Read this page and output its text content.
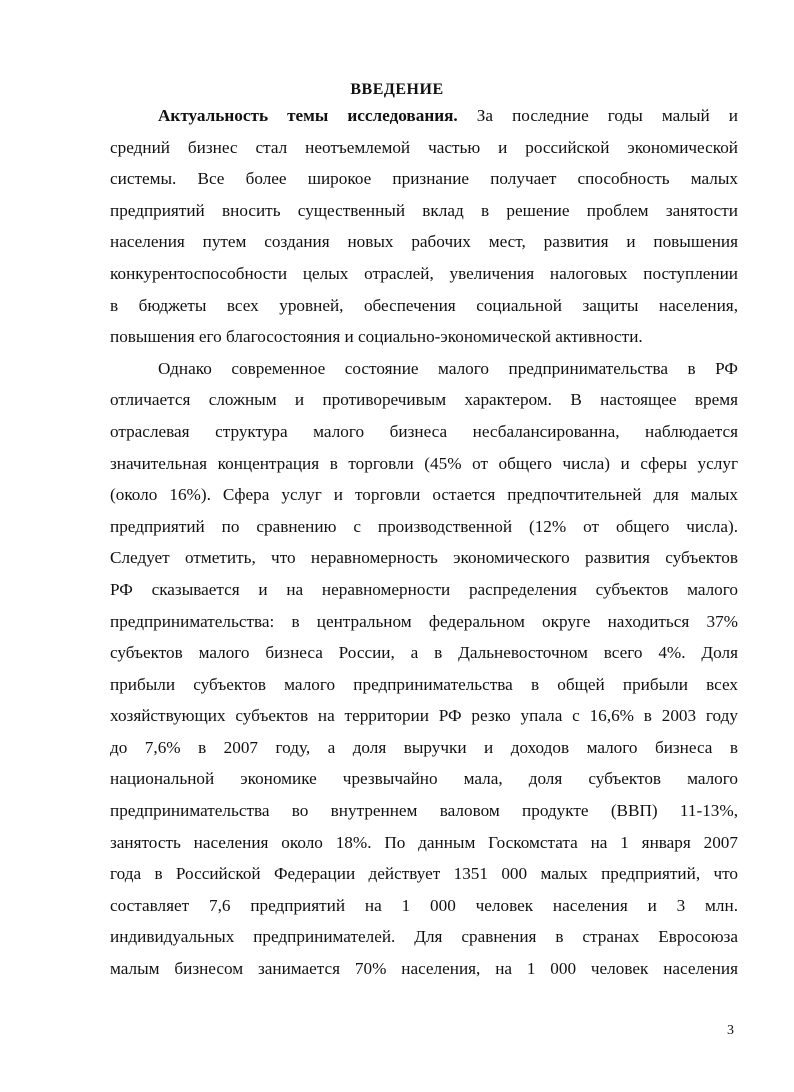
ВВЕДЕНИЕ
Актуальность темы исследования. За последние годы малый и
средний бизнес стал неотъемлемой частью и российской экономической
системы. Все более широкое признание получает способность малых
предприятий вносить существенный вклад в решение проблем занятости
населения путем создания новых рабочих мест, развития и повышения
конкурентоспособности целых отраслей, увеличения налоговых поступлении
в бюджеты всех уровней, обеспечения социальной защиты населения,
повышения его благосостояния и социально-экономической активности.
Однако современное состояние малого предпринимательства в РФ
отличается сложным и противоречивым характером. В настоящее время
отраслевая структура малого бизнеса несбалансированна, наблюдается
значительная концентрация в торговли (45% от общего числа) и сферы услуг
(около 16%). Сфера услуг и торговли остается предпочтительней для малых
предприятий по сравнению с производственной (12% от общего числа).
Следует отметить, что неравномерность экономического развития субъектов
РФ сказывается и на неравномерности распределения субъектов малого
предпринимательства: в центральном федеральном округе находиться 37%
субъектов малого бизнеса России, а в Дальневосточном всего 4%. Доля
прибыли субъектов малого предпринимательства в общей прибыли всех
хозяйствующих субъектов на территории РФ резко упала с 16,6% в 2003 году
до 7,6% в 2007 году, а доля выручки и доходов малого бизнеса в
национальной экономике чрезвычайно мала, доля субъектов малого
предпринимательства во внутреннем валовом продукте (ВВП) 11-13%,
занятость населения около 18%. По данным Госкомстата на 1 января 2007
года в Российской Федерации действует 1351 000 малых предприятий, что
составляет 7,6 предприятий на 1 000 человек населения и 3 млн.
индивидуальных предпринимателей. Для сравнения в странах Евросоюза
малым бизнесом занимается 70% населения, на 1 000 человек населения
3
